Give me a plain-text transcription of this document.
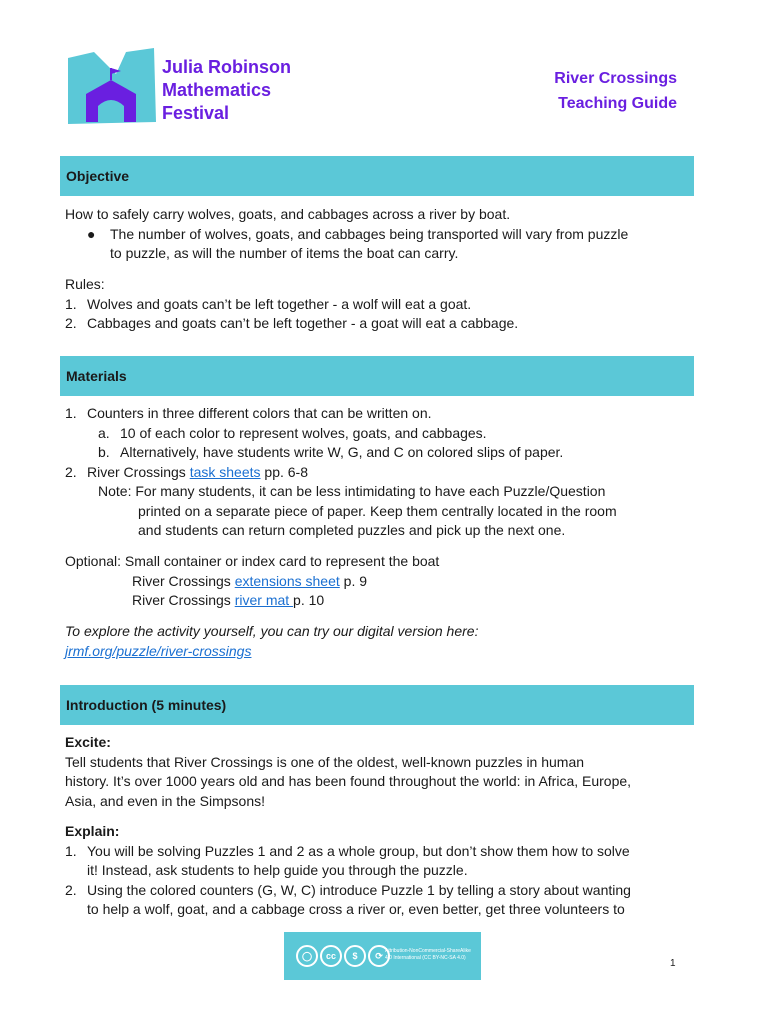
Julia Robinson
Mathematics
Festival
River Crossings
Teaching Guide
Objective
How to safely carry wolves, goats, and cabbages across a river by boat.
● The number of wolves, goats, and cabbages being transported will vary from puzzle
to puzzle, as will the number of items the boat can carry.
Rules:
1. Wolves and goats can’t be left together - a wolf will eat a goat.
2. Cabbages and goats can’t be left together - a goat will eat a cabbage.
Materials
1. Counters in three different colors that can be written on.
a. 10 of each color to represent wolves, goats, and cabbages.
b. Alternatively, have students write W, G, and C on colored slips of paper.
2. River Crossings task sheets pp. 6-8
Note: For many students, it can be less intimidating to have each Puzzle/Question
printed on a separate piece of paper. Keep them centrally located in the room
and students can return completed puzzles and pick up the next one.
Optional: Small container or index card to represent the boat
River Crossings extensions sheet p. 9
River Crossings river mat p. 10
To explore the activity yourself, you can try our digital version here:
jrmf.org/puzzle/river-crossings
Introduction (5 minutes)
Excite:
Tell students that River Crossings is one of the oldest, well-known puzzles in human
history. It’s over 1000 years old and has been found throughout the world: in Africa, Europe,
Asia, and even in the Simpsons!
Explain:
1. You will be solving Puzzles 1 and 2 as a whole group, but don’t show them how to solve
it! Instead, ask students to help guide you through the puzzle.
2. Using the colored counters (G, W, C) introduce Puzzle 1 by telling a story about wanting
to help a wolf, goat, and a cabbage cross a river or, even better, get three volunteers to
◯ cc $ ⟳ Attribution-NonCommercial-ShareAlike
4.0 International (CC BY-NC-SA 4.0)	1
